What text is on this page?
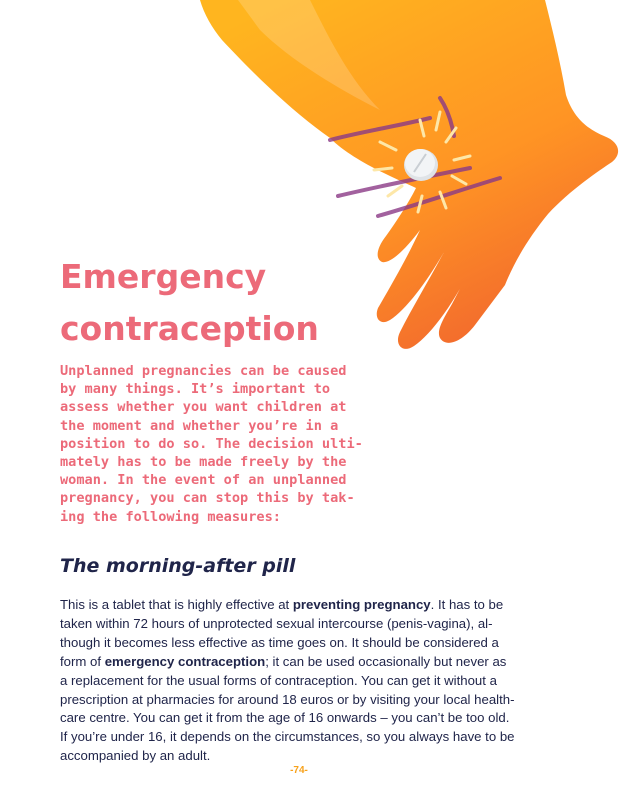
Emergency contraception

Unplanned pregnancies can be caused
by many things. It’s important to
assess whether you want children at
the moment and whether you’re in a
position to do so. The decision ulti-
mately has to be made freely by the
woman. In the event of an unplanned
pregnancy, you can stop this by tak-
ing the following measures:

The morning-after pill

This is a tablet that is highly effective at preventing pregnancy. It has to be
taken within 72 hours of unprotected sexual intercourse (penis-vagina), al-
though it becomes less effective as time goes on. It should be considered a
form of emergency contraception; it can be used occasionally but never as
a replacement for the usual forms of contraception. You can get it without a
prescription at pharmacies for around 18 euros or by visiting your local health-
care centre. You can get it from the age of 16 onwards – you can’t be too old.
If you’re under 16, it depends on the circumstances, so you always have to be
accompanied by an adult.

-74-
